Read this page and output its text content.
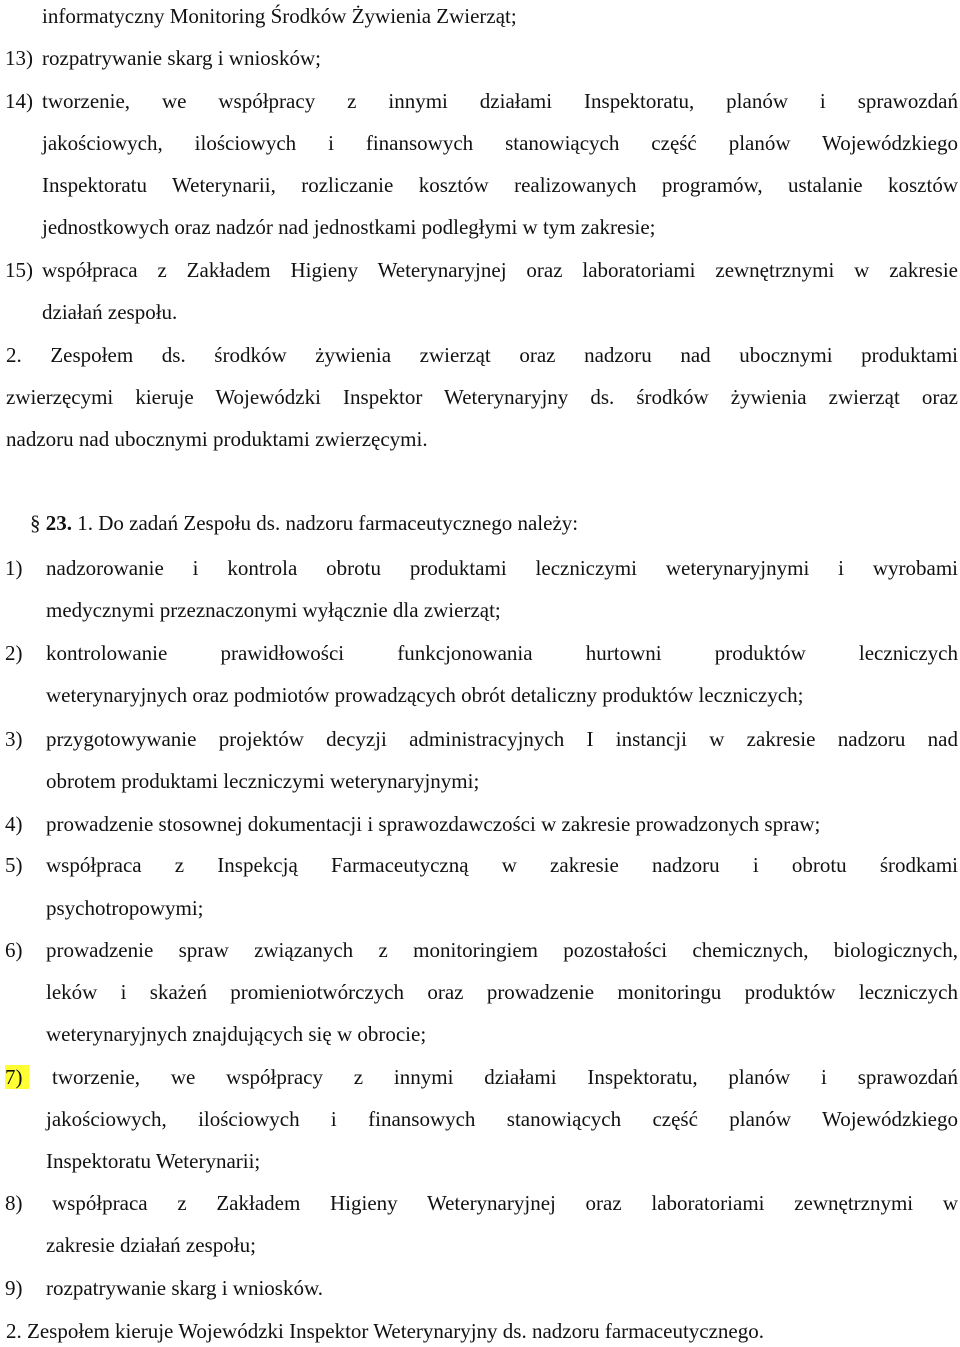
informatyczny Monitoring Środków Żywienia Zwierząt;
13) rozpatrywanie skarg i wniosków;
14) tworzenie, we współpracy z innymi działami Inspektoratu, planów i sprawozdań
jakościowych, ilościowych i finansowych stanowiących część planów Wojewódzkiego
Inspektoratu Weterynarii, rozliczanie kosztów realizowanych programów, ustalanie kosztów
jednostkowych oraz nadzór nad jednostkami podległymi w tym zakresie;
15) współpraca z Zakładem Higieny Weterynaryjnej oraz laboratoriami zewnętrznymi w zakresie
działań zespołu.
2. Zespołem ds. środków żywienia zwierząt oraz nadzoru nad ubocznymi produktami
zwierzęcymi kieruje Wojewódzki Inspektor Weterynaryjny ds. środków żywienia zwierząt oraz
nadzoru nad ubocznymi produktami zwierzęcymi.
§ 23. 1. Do zadań Zespołu ds. nadzoru farmaceutycznego należy:
1) nadzorowanie i kontrola obrotu produktami leczniczymi weterynaryjnymi i wyrobami
medycznymi przeznaczonymi wyłącznie dla zwierząt;
2) kontrolowanie prawidłowości funkcjonowania hurtowni produktów leczniczych
weterynaryjnych oraz podmiotów prowadzących obrót detaliczny produktów leczniczych;
3) przygotowywanie projektów decyzji administracyjnych I instancji w zakresie nadzoru nad
obrotem produktami leczniczymi weterynaryjnymi;
4) prowadzenie stosownej dokumentacji i sprawozdawczości w zakresie prowadzonych spraw;
5) współpraca z Inspekcją Farmaceutyczną w zakresie nadzoru i obrotu środkami
psychotropowymi;
6) prowadzenie spraw związanych z monitoringiem pozostałości chemicznych, biologicznych,
leków i skażeń promieniotwórczych oraz prowadzenie monitoringu produktów leczniczych
weterynaryjnych znajdujących się w obrocie;
7) tworzenie, we współpracy z innymi działami Inspektoratu, planów i sprawozdań
jakościowych, ilościowych i finansowych stanowiących część planów Wojewódzkiego
Inspektoratu Weterynarii;
8) współpraca z Zakładem Higieny Weterynaryjnej oraz laboratoriami zewnętrznymi w
zakresie działań zespołu;
9) rozpatrywanie skarg i wniosków.
2. Zespołem kieruje Wojewódzki Inspektor Weterynaryjny ds. nadzoru farmaceutycznego.
